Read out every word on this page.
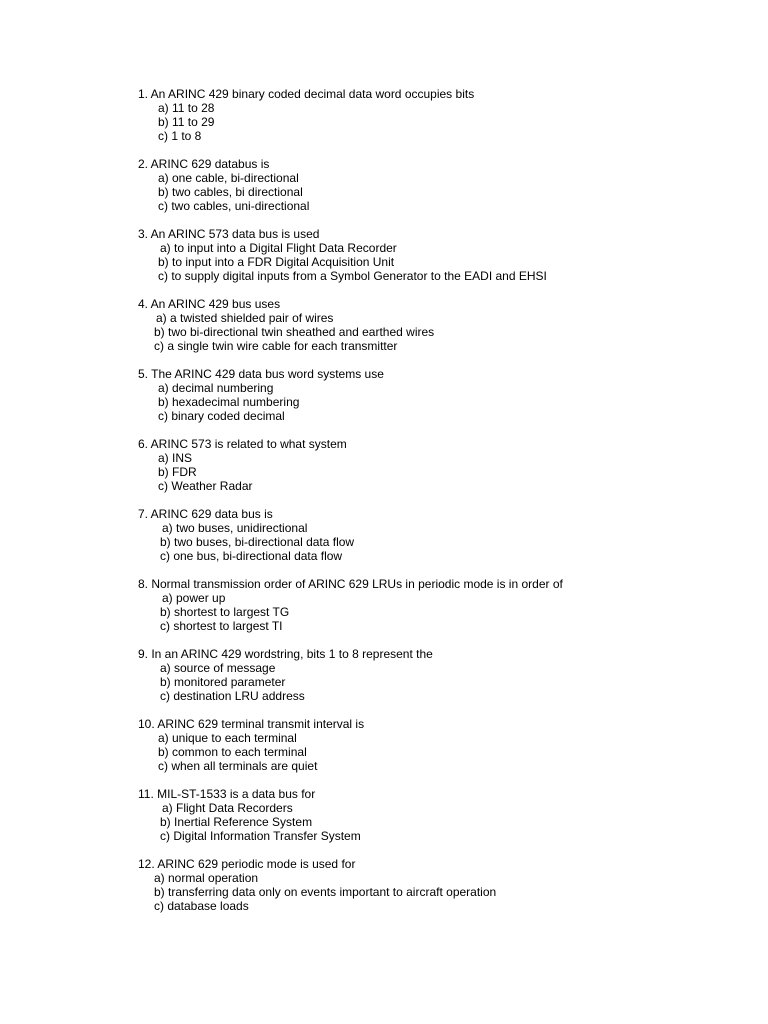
1. An ARINC 429 binary coded decimal data word occupies bits
a) 11 to 28
b) 11 to 29
c) 1 to 8
2. ARINC 629 databus is
a) one cable, bi-directional
b) two cables, bi directional
c) two cables, uni-directional
3. An ARINC 573 data bus is used
a) to input into a Digital Flight Data Recorder
b) to input into a FDR Digital Acquisition Unit
c) to supply digital inputs from a Symbol Generator to the EADI and EHSI
4. An ARINC 429 bus uses
a) a twisted shielded pair of wires
b) two bi-directional twin sheathed and earthed wires
c) a single twin wire cable for each transmitter
5. The ARINC 429 data bus word systems use
a) decimal numbering
b) hexadecimal numbering
c) binary coded decimal
6. ARINC 573 is related to what system
a) INS
b) FDR
c) Weather Radar
7. ARINC 629 data bus is
a) two buses, unidirectional
b) two buses, bi-directional data flow
c) one bus, bi-directional data flow
8. Normal transmission order of ARINC 629 LRUs in periodic mode is in order of
a) power up
b) shortest to largest TG
c) shortest to largest TI
9. In an ARINC 429 wordstring, bits 1 to 8 represent the
a) source of message
b) monitored parameter
c) destination LRU address
10. ARINC 629 terminal transmit interval is
a) unique to each terminal
b) common to each terminal
c) when all terminals are quiet
11. MIL-ST-1533 is a data bus for
a) Flight Data Recorders
b) Inertial Reference System
c) Digital Information Transfer System
12. ARINC 629 periodic mode is used for
a) normal operation
b) transferring data only on events important to aircraft operation
c) database loads
